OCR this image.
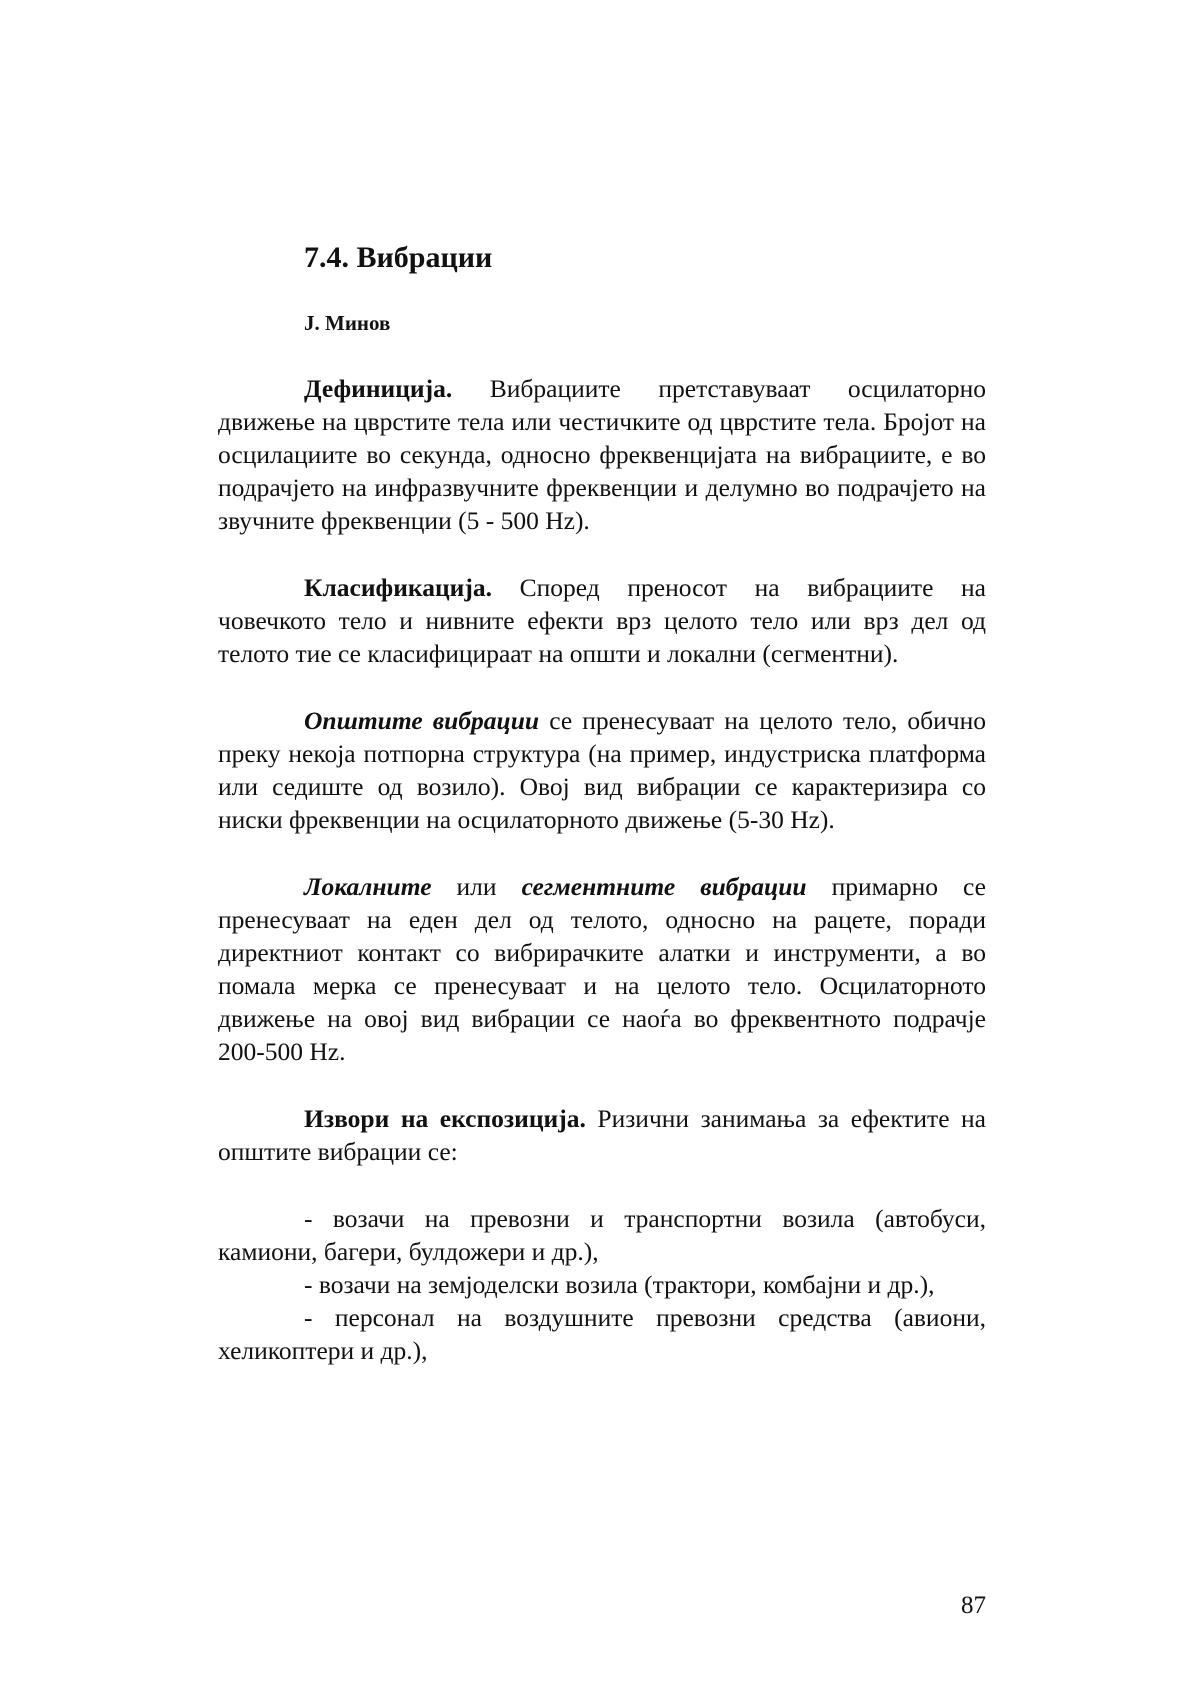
7.4. Вибрации
J. Минов

Дефиниција. Вибрациите претставуваат осцилаторно движење на цврстите тела или честичките од цврстите тела. Бројот на осцилациите во секунда, односно фреквенцијата на вибрациите, е во подрачјето на инфразвучните фреквенции и делумно во подрачјето на звучните фреквенции (5 - 500 Hz).

Класификација. Според преносот на вибрациите на човечкото тело и нивните ефекти врз целото тело или врз дел од телото тие се класифицираат на општи и локални (сегментни).

Општите вибрации се пренесуваат на целото тело, обично преку некоја потпорна структура (на пример, индустриска платформа или седиште од возило). Овој вид вибрации се карактеризира со ниски фреквенции на осцилаторното движење (5-30 Hz).

Локалните или сегментните вибрации примарно се пренесуваат на еден дел од телото, односно на рацете, поради директниот контакт со вибрирачките алатки и инструменти, а во помала мерка се пренесуваат и на целото тело. Осцилаторното движење на овој вид вибрации се наоѓа во фреквентното подрачје 200-500 Hz.

Извори на експозиција. Ризични занимања за ефектите на општите вибрации се:

- возачи на превозни и транспортни возила (автобуси, камиони, багери, булдожери и др.),

- возачи на земјоделски возила (трактори, комбајни и др.),

- персонал на воздушните превозни средства (авиони, хеликоптери и др.),

87
